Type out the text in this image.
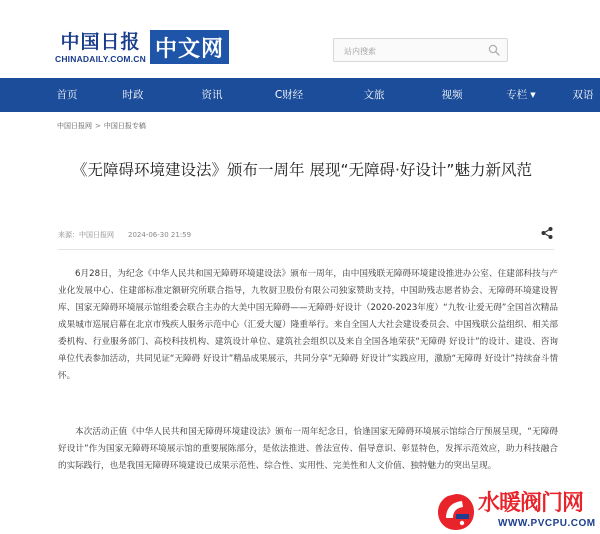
中国日报
CHINADAILY.COM.CN 中文网
站内搜索
首页	时政	资讯	C财经	文旅	视频	专栏 ▼	双语
中国日报网 > 中国日报专稿
《无障碍环境建设法》颁布一周年 展现“无障碍·好设计”魅力新风范
来源：中国日报网 2024-06-30 21:59

6月28日，为纪念《中华人民共和国无障碍环境建设法》颁布一周年，由中国残联无障碍环境建设推进办公室、住建部科技与产业化发展中心、住建部标准定额研究所联合指导，九牧厨卫股份有限公司独家赞助支持，中国助残志愿者协会、无障碍环境建设智库、国家无障碍环境展示馆组委会联合主办的大美中国无障碍——无障碍·好设计（2020-2023年度）“九牧·让爱无碍”全国首次精品成果城市巡展启幕在北京市残疾人服务示范中心（汇爱大厦）隆重举行。来自全国人大社会建设委员会、中国残联公益组织、相关部委机构、行业服务部门、高校科技机构、建筑设计单位、建筑社会组织以及来自全国各地荣获“无障碍 好设计”的设计、建设、咨询单位代表参加活动，共同见证“无障碍 好设计”精品成果展示，共同分享“无障碍 好设计”实践应用，激励“无障碍 好设计”持续奋斗情怀。

本次活动正值《中华人民共和国无障碍环境建设法》颁布一周年纪念日，恰逢国家无障碍环境展示馆综合厅预展呈现，“无障碍 好设计”作为国家无障碍环境展示馆的重要展陈部分，是依法推进、普法宣传、倡导意识、彰显特色，发挥示范效应，助力科技融合的实际践行，也是我国无障碍环境建设已成果示范性、综合性、实用性、完美性和人文价值、独特魅力的突出呈现。

水暖阀门网
WWW.PVCPU.COM
